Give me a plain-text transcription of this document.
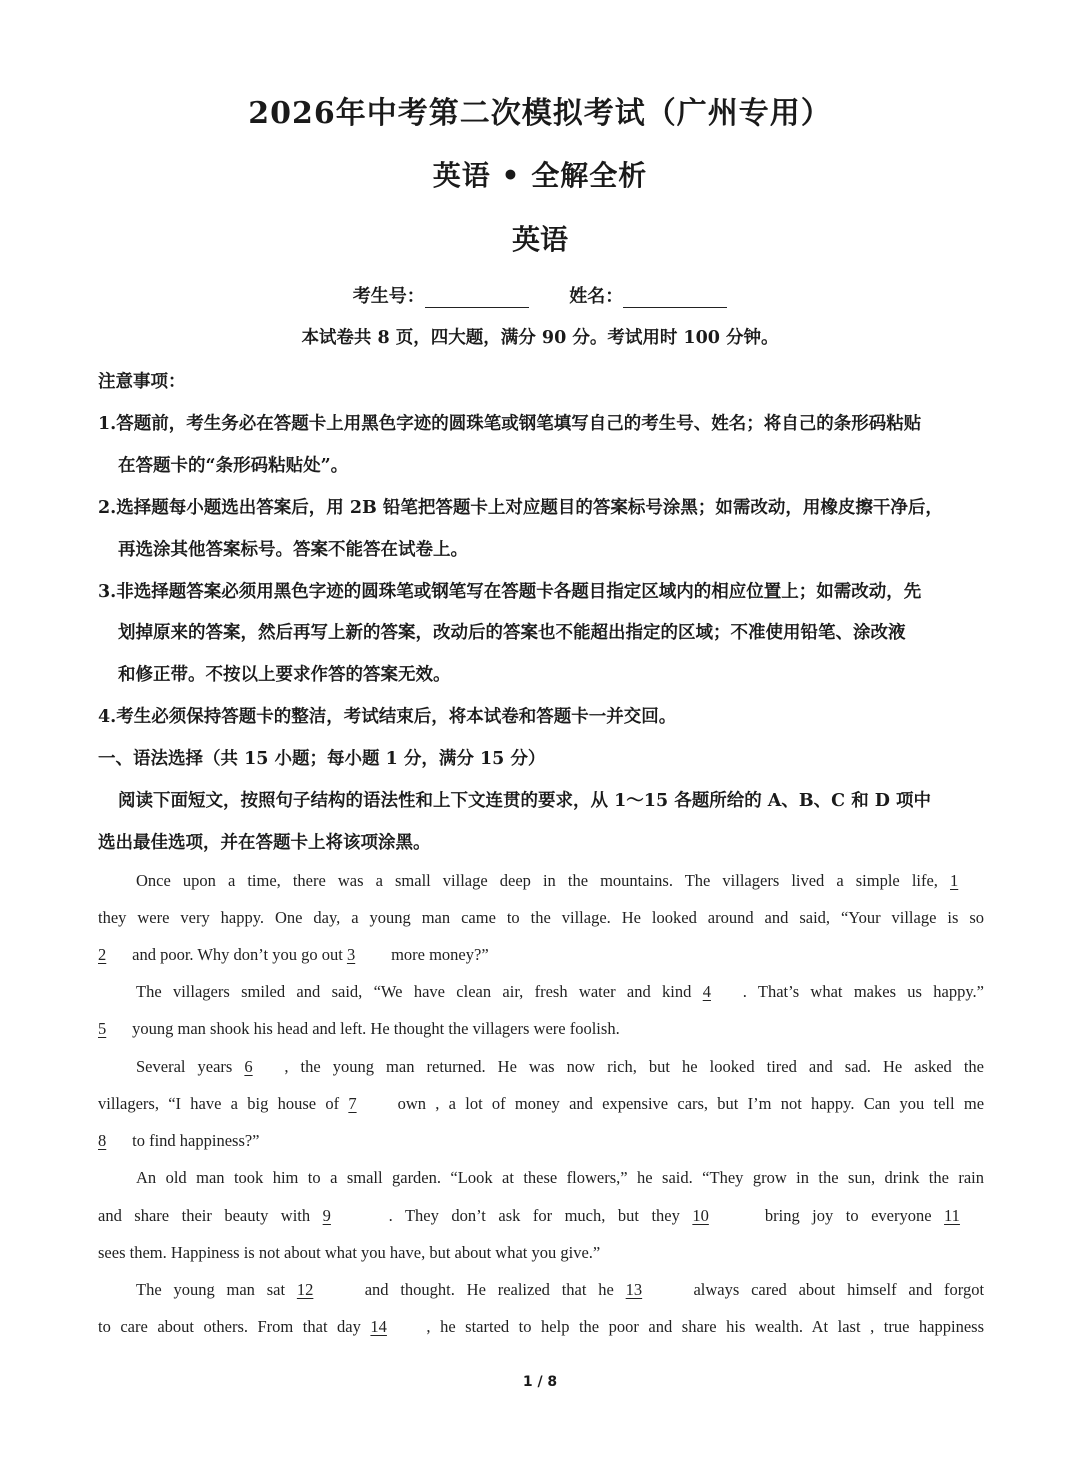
2026年中考第二次模拟考试（广州专用）
英语 • 全解全析
英语
考生号：	姓名：
本试卷共 8 页，四大题，满分 90 分。考试用时 100 分钟。
注意事项：
1.答题前，考生务必在答题卡上用黑色字迹的圆珠笔或钢笔填写自己的考生号、姓名；将自己的条形码粘贴
在答题卡的“条形码粘贴处”。
2.选择题每小题选出答案后，用 2B 铅笔把答题卡上对应题目的答案标号涂黑；如需改动，用橡皮擦干净后，
再选涂其他答案标号。答案不能答在试卷上。
3.非选择题答案必须用黑色字迹的圆珠笔或钢笔写在答题卡各题目指定区域内的相应位置上；如需改动，先
划掉原来的答案，然后再写上新的答案，改动后的答案也不能超出指定的区域；不准使用铅笔、涂改液
和修正带。不按以上要求作答的答案无效。
4.考生必须保持答题卡的整洁，考试结束后，将本试卷和答题卡一并交回。
一、语法选择（共 15 小题；每小题 1 分，满分 15 分）
阅读下面短文，按照句子结构的语法性和上下文连贯的要求，从 1～15 各题所给的 A、B、C 和 D 项中
选出最佳选项，并在答题卡上将该项涂黑。
Once upon a time, there was a small village deep in the mountains. The villagers lived a simple life, 1
they were very happy. One day, a young man came to the village. He looked around and said, “Your village is so
2 and poor. Why don’t you go out 3 more money?”
The villagers smiled and said, “We have clean air, fresh water and kind 4 . That’s what makes us happy.”
5 young man shook his head and left. He thought the villagers were foolish.
Several years 6 , the young man returned. He was now rich, but he looked tired and sad. He asked the
villagers, “I have a big house of 7 own , a lot of money and expensive cars, but I’m not happy. Can you tell me
8 to find happiness?”
An old man took him to a small garden. “Look at these flowers,” he said. “They grow in the sun, drink the rain
and share their beauty with 9	. They don’t ask for much, but they 10	bring joy to everyone 11
sees them. Happiness is not about what you have, but about what you give.”
The young man sat 12	and thought. He realized that he 13	always cared about himself and forgot
to care about others. From that day 14 , he started to help the poor and share his wealth. At last , true happiness
1 / 8
